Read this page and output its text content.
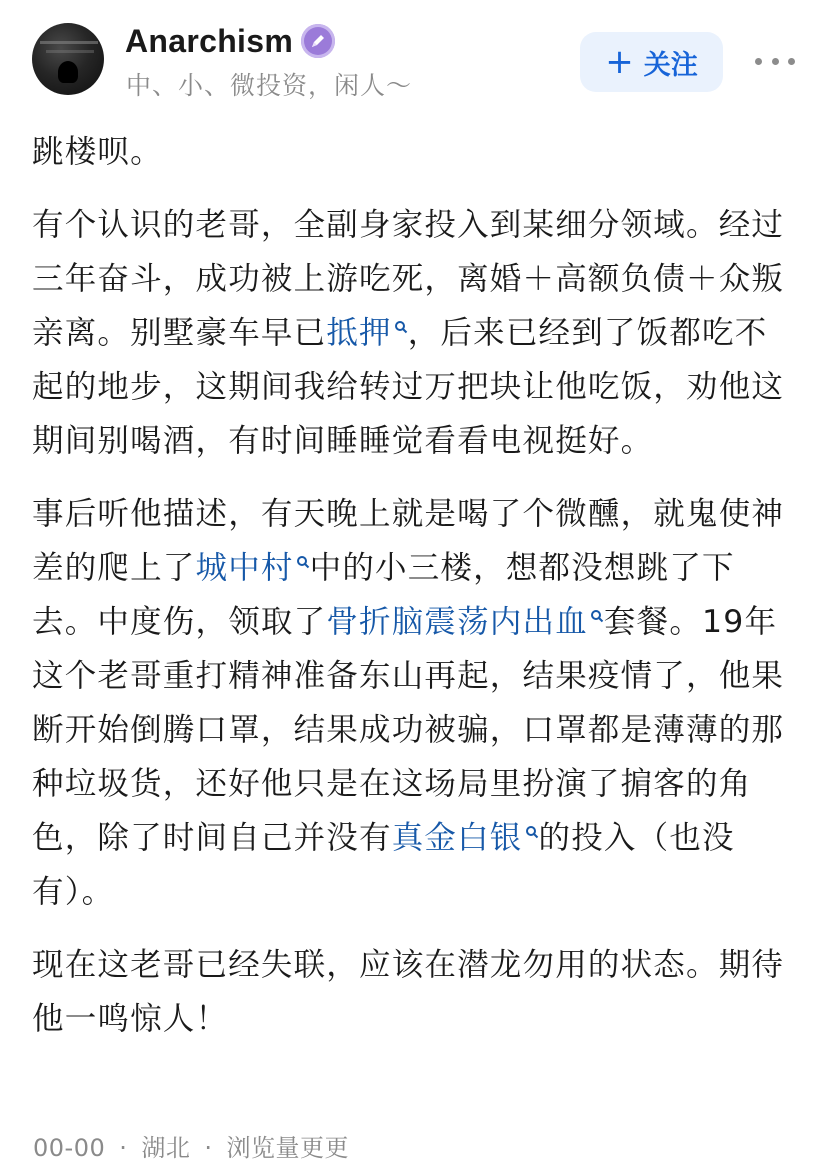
Anarchism
中、小、微投资，闲人～
+ 关注

跳楼呗。

有个认识的老哥，全副身家投入到某细分领域。经过三年奋斗，成功被上游吃死，离婚＋高额负债＋众叛亲离。别墅豪车早已抵押 ，后来已经到了饭都吃不起的地步，这期间我给转过万把块让他吃饭，劝他这期间别喝酒，有时间睡睡觉看看电视挺好。

事后听他描述，有天晚上就是喝了个微醺，就鬼使神差的爬上了城中村 中的小三楼，想都没想跳了下去。中度伤，领取了骨折脑震荡内出血 套餐。19年这个老哥重打精神准备东山再起，结果疫情了，他果断开始倒腾口罩，结果成功被骗，口罩都是薄薄的那种垃圾货，还好他只是在这场局里扮演了掮客的角色，除了时间自己并没有真金白银 的投入（也没有）。

现在这老哥已经失联，应该在潜龙勿用的状态。期待他一鸣惊人！

00-00 · 湖北 · 浏览量更更
